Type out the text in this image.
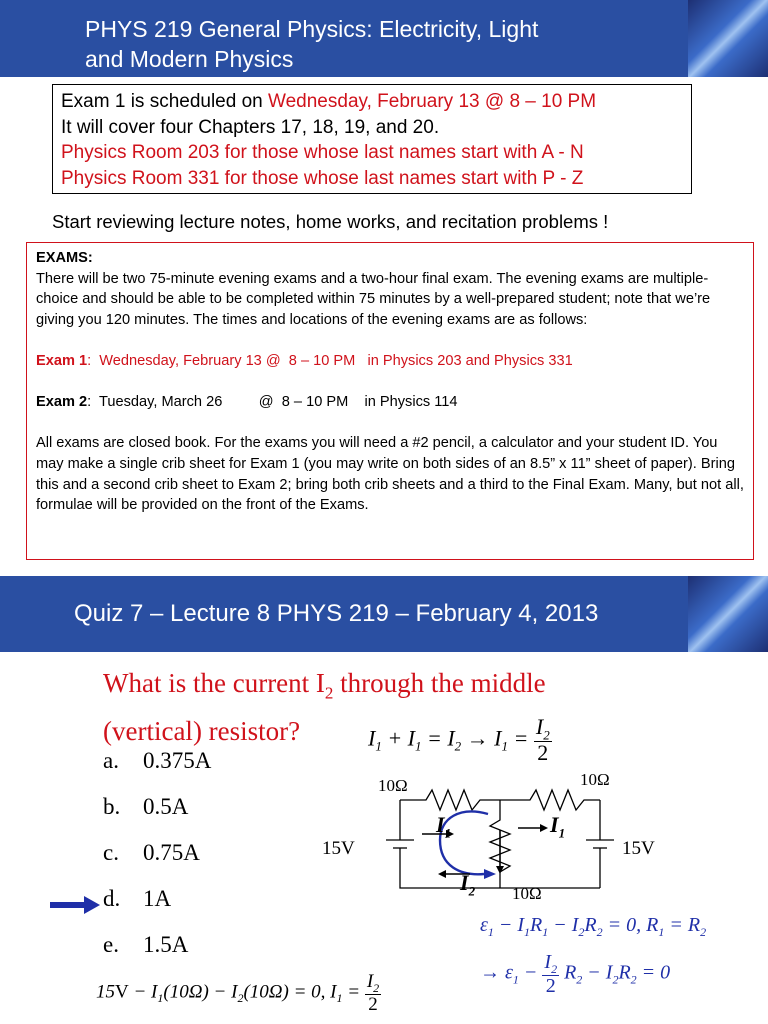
PHYS 219 General Physics: Electricity, Light
and Modern Physics
Exam 1 is scheduled on Wednesday, February 13 @ 8 – 10 PM
It will cover four Chapters 17, 18, 19, and 20.
Physics Room 203 for those whose last names start with A - N
Physics Room 331 for those whose last names start with P - Z
Start reviewing lecture notes, home works, and recitation problems !

EXAMS:

There will be two 75-minute evening exams and a two-hour final exam. The evening exams are multiple-choice and should be able to be completed within 75 minutes by a well-prepared student; note that we’re giving you 120 minutes. The times and locations of the evening exams are as follows:

Exam 1:  Wednesday, February 13 @  8 – 10 PM   in Physics 203 and Physics 331

Exam 2:  Tuesday, March 26         @  8 – 10 PM    in Physics 114

All exams are closed book. For the exams you will need a #2 pencil, a calculator and your student ID. You may make a single crib sheet for Exam 1 (you may write on both sides of an 8.5” x 11” sheet of paper). Bring this and a second crib sheet to Exam 2; bring both crib sheets and a third to the Final Exam. Many, but not all, formulae will be provided on the front of the Exams.

Quiz 7 – Lecture 8 PHYS 219 – February 4, 2013
What is the current $I_2$ through the middle
(vertical) resistor?
a. 0.375A
b. 0.5A
c. 0.75A
d. 1A
e. 1.5A
$I_1 + I_1 = I_2 \to I_1 = \frac{I_2}{2}$
10Ω	10Ω
10Ω
15V	15V
$I_1$	$I_1$
$I_2$
$\varepsilon_1 - I_1R_1 - I_2R_2 = 0$, $R_1 = R_2$
→ $\varepsilon_1 - \frac{I_2}{2} R_2 - I_2R_2 = 0$
$15V - I_1(10\Omega) - I_2(10\Omega) = 0$, $I_1 = \frac{I_2}{2}$
